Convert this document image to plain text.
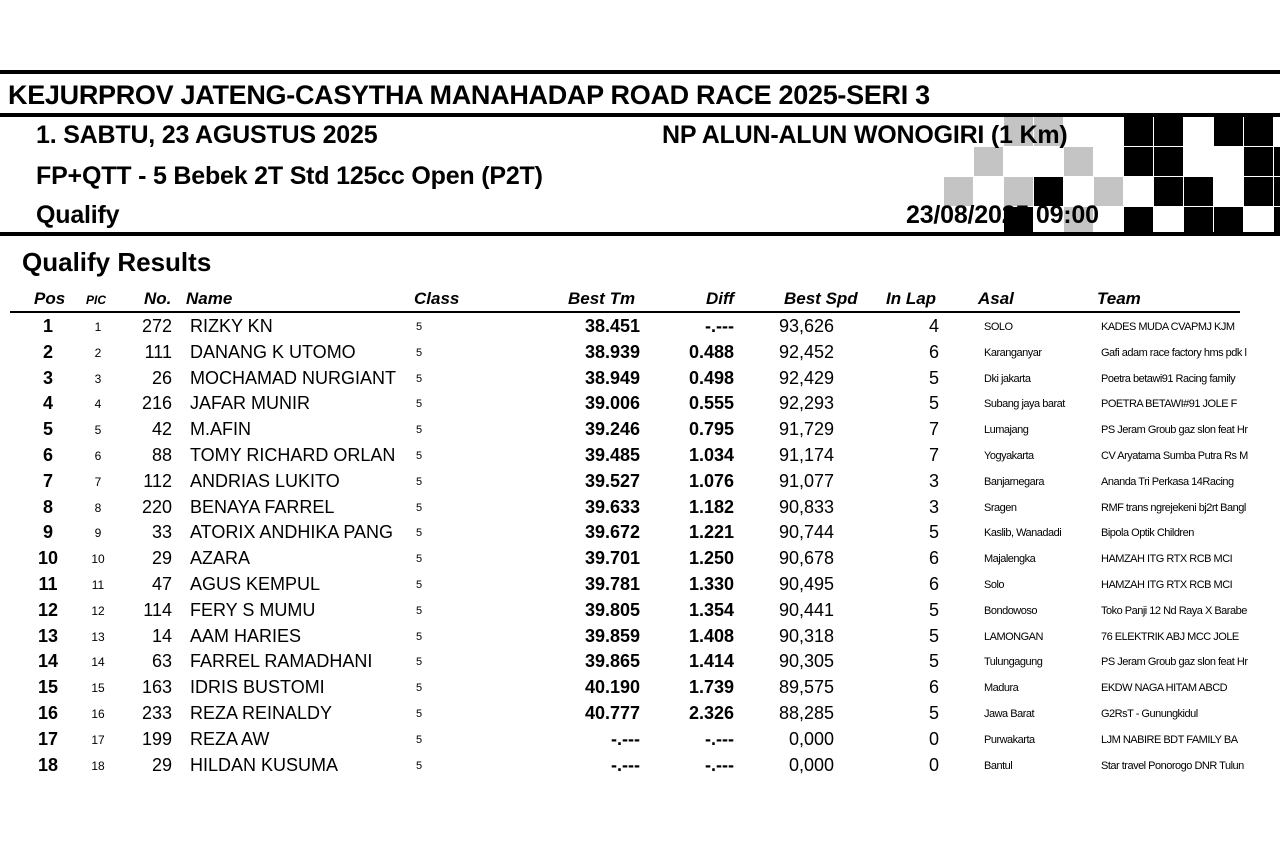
KEJURPROV JATENG-CASYTHA MANAHADAP ROAD RACE 2025-SERI 3
1. SABTU, 23 AGUSTUS 2025	NP ALUN-ALUN WONOGIRI (1 Km)
FP+QTT - 5 Bebek 2T Std 125cc Open (P2T)
Qualify	23/08/2025 09:00
Qualify Results
Pos PIC No. Name	Class	Best Tm	Diff	Best Spd In Lap Asal	Team
1	1	272 RIZKY KN	5	38.451	-.---	93,626	4	SOLO	KADES MUDA CVAPMJ KJM
2	2	111 DANANG K UTOMO	5	38.939	0.488	92,452	6	Karanganyar	Gafi adam race factory hms pdk l
3	3	26 MOCHAMAD NURGIANT	5	38.949	0.498	92,429	5	Dki jakarta	Poetra betawi91 Racing family
4	4	216 JAFAR MUNIR	5	39.006	0.555	92,293	5	Subang jaya barat	POETRA BETAWI#91 JOLE F
5	5	42 M.AFIN	5	39.246	0.795	91,729	7	Lumajang	PS Jeram Groub gaz slon feat Hr
6	6	88 TOMY RICHARD ORLAN	5	39.485	1.034	91,174	7	Yogyakarta	CV Aryatama Sumba Putra Rs M
7	7	112 ANDRIAS LUKITO	5	39.527	1.076	91,077	3	Banjarnegara	Ananda Tri Perkasa 14Racing
8	8	220 BENAYA FARREL	5	39.633	1.182	90,833	3	Sragen	RMF trans ngrejekeni bj2rt Bangl
9	9	33 ATORIX ANDHIKA PANG	5	39.672	1.221	90,744	5	Kaslib, Wanadadi	Bipola Optik Children
10	10	29 AZARA	5	39.701	1.250	90,678	6	Majalengka	HAMZAH ITG RTX RCB MCI
11	11	47 AGUS KEMPUL	5	39.781	1.330	90,495	6	Solo	HAMZAH ITG RTX RCB MCI
12	12	114 FERY S MUMU	5	39.805	1.354	90,441	5	Bondowoso	Toko Panji 12 Nd Raya X Barabe
13	13	14 AAM HARIES	5	39.859	1.408	90,318	5	LAMONGAN	76 ELEKTRIK ABJ MCC JOLE
14	14	63 FARREL RAMADHANI	5	39.865	1.414	90,305	5	Tulungagung	PS Jeram Groub gaz slon feat Hr
15	15	163 IDRIS BUSTOMI	5	40.190	1.739	89,575	6	Madura	EKDW NAGA HITAM ABCD
16	16	233 REZA REINALDY	5	40.777	2.326	88,285	5	Jawa Barat	G2RsT - Gunungkidul
17	17	199 REZA AW	5	-.---	-.---	0,000	0	Purwakarta	LJM NABIRE BDT FAMILY BA
18	18	29 HILDAN KUSUMA	5	-.---	-.---	0,000	0	Bantul	Star travel Ponorogo DNR Tulun
